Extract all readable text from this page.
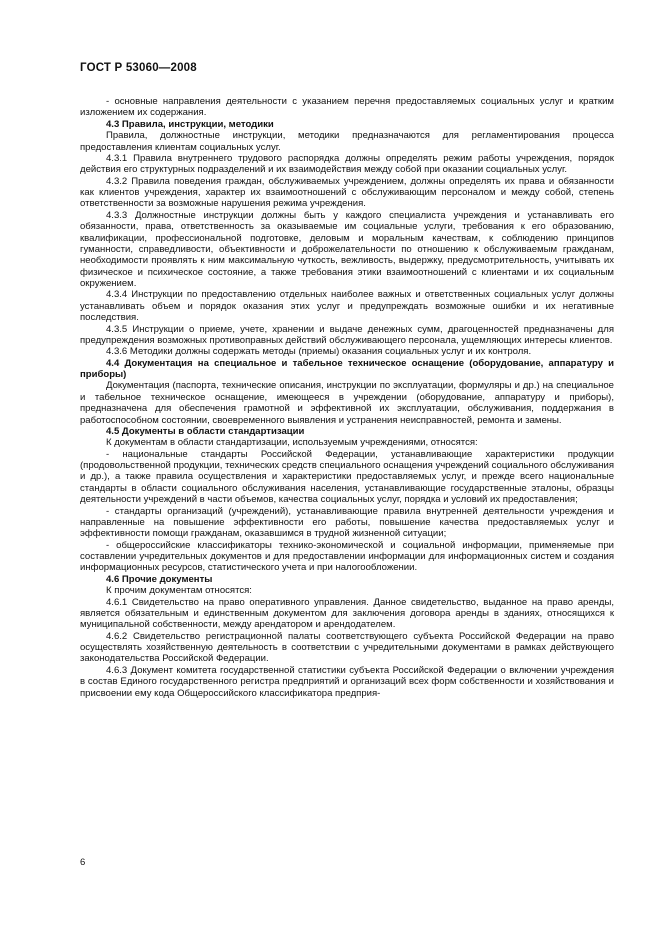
ГОСТ Р 53060—2008

- основные направления деятельности с указанием перечня предоставляемых социальных услуг и кратким изложением их содержания.

4.3 Правила, инструкции, методики

Правила, должностные инструкции, методики предназначаются для регламентирования процесса предоставления клиентам социальных услуг.

4.3.1 Правила внутреннего трудового распорядка должны определять режим работы учреждения, порядок действия его структурных подразделений и их взаимодействия между собой при оказании социальных услуг.

4.3.2 Правила поведения граждан, обслуживаемых учреждением, должны определять их права и обязанности как клиентов учреждения, характер их взаимоотношений с обслуживающим персоналом и между собой, степень ответственности за возможные нарушения режима учреждения.

4.3.3 Должностные инструкции должны быть у каждого специалиста учреждения и устанавливать его обязанности, права, ответственность за оказываемые им социальные услуги, требования к его образованию, квалификации, профессиональной подготовке, деловым и моральным качествам, к соблюдению принципов гуманности, справедливости, объективности и доброжелательности по отношению к обслуживаемым гражданам, необходимости проявлять к ним максимальную чуткость, вежливость, выдержку, предусмотрительность, учитывать их физическое и психическое состояние, а также требования этики взаимоотношений с клиентами и их социальным окружением.

4.3.4 Инструкции по предоставлению отдельных наиболее важных и ответственных социальных услуг должны устанавливать объем и порядок оказания этих услуг и предупреждать возможные ошибки и их негативные последствия.

4.3.5 Инструкции о приеме, учете, хранении и выдаче денежных сумм, драгоценностей предназначены для предупреждения возможных противоправных действий обслуживающего персонала, ущемляющих интересы клиентов.

4.3.6 Методики должны содержать методы (приемы) оказания социальных услуг и их контроля.

4.4 Документация на специальное и табельное техническое оснащение (оборудование, аппаратуру и приборы)

Документация (паспорта, технические описания, инструкции по эксплуатации, формуляры и др.) на специальное и табельное техническое оснащение, имеющееся в учреждении (оборудование, аппаратуру и приборы), предназначена для обеспечения грамотной и эффективной их эксплуатации, обслуживания, поддержания в работоспособном состоянии, своевременного выявления и устранения неисправностей, ремонта и замены.

4.5 Документы в области стандартизации

К документам в области стандартизации, используемым учреждениями, относятся:

- национальные стандарты Российской Федерации, устанавливающие характеристики продукции (продовольственной продукции, технических средств специального оснащения учреждений социального обслуживания и др.), а также правила осуществления и характеристики предоставляемых услуг, и прежде всего национальные стандарты в области социального обслуживания населения, устанавливающие государственные эталоны, образцы деятельности учреждений в части объемов, качества социальных услуг, порядка и условий их предоставления;

- стандарты организаций (учреждений), устанавливающие правила внутренней деятельности учреждения и направленные на повышение эффективности его работы, повышение качества предоставляемых услуг и эффективности помощи гражданам, оказавшимся в трудной жизненной ситуации;

- общероссийские классификаторы технико-экономической и социальной информации, применяемые при составлении учредительных документов и для предоставлении информации для информационных систем и создания информационных ресурсов, статистического учета и при налогообложении.

4.6 Прочие документы

К прочим документам относятся:

4.6.1 Свидетельство на право оперативного управления. Данное свидетельство, выданное на право аренды, является обязательным и единственным документом для заключения договора аренды в зданиях, относящихся к муниципальной собственности, между арендатором и арендодателем.

4.6.2 Свидетельство регистрационной палаты соответствующего субъекта Российской Федерации на право осуществлять хозяйственную деятельность в соответствии с учредительными документами в рамках действующего законодательства Российской Федерации.

4.6.3 Документ комитета государственной статистики субъекта Российской Федерации о включении учреждения в состав Единого государственного регистра предприятий и организаций всех форм собственности и хозяйствования и присвоении ему кода Общероссийского классификатора предприя-

6
